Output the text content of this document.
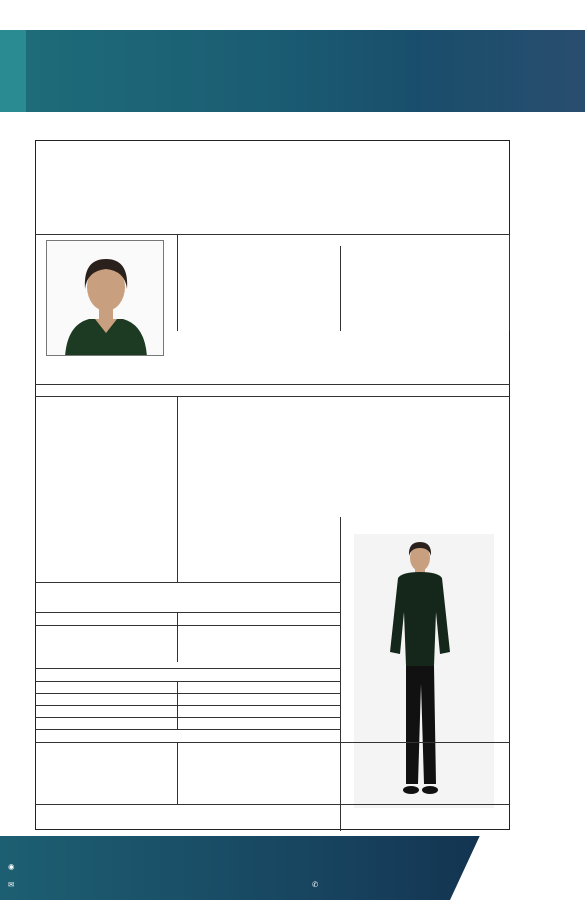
◉
✉	✆
